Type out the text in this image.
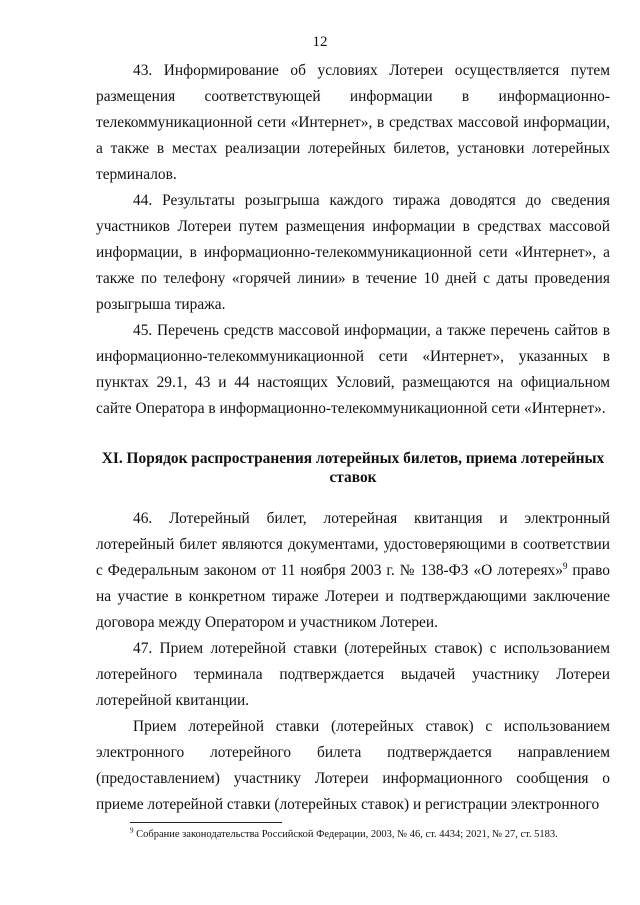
12

43. Информирование об условиях Лотереи осуществляется путем размещения соответствующей информации в информационно-телекоммуникационной сети «Интернет», в средствах массовой информации, а также в местах реализации лотерейных билетов, установки лотерейных терминалов.

44. Результаты розыгрыша каждого тиража доводятся до сведения участников Лотереи путем размещения информации в средствах массовой информации, в информационно-телекоммуникационной сети «Интернет», а также по телефону «горячей линии» в течение 10 дней с даты проведения розыгрыша тиража.

45. Перечень средств массовой информации, а также перечень сайтов в информационно-телекоммуникационной сети «Интернет», указанных в пунктах 29.1, 43 и 44 настоящих Условий, размещаются на официальном сайте Оператора в информационно-телекоммуникационной сети «Интернет».

XI. Порядок распространения лотерейных билетов, приема лотерейных ставок

46. Лотерейный билет, лотерейная квитанция и электронный лотерейный билет являются документами, удостоверяющими в соответствии с Федеральным законом от 11 ноября 2003 г. № 138-ФЗ «О лотереях»$^9$ право на участие в конкретном тираже Лотереи и подтверждающими заключение договора между Оператором и участником Лотереи.

47. Прием лотерейной ставки (лотерейных ставок) с использованием лотерейного терминала подтверждается выдачей участнику Лотереи лотерейной квитанции.

Прием лотерейной ставки (лотерейных ставок) с использованием электронного лотерейного билета подтверждается направлением (предоставлением) участнику Лотереи информационного сообщения о приеме лотерейной ставки (лотерейных ставок) и регистрации электронного

$^9$ Собрание законодательства Российской Федерации, 2003, № 46, ст. 4434; 2021, № 27, ст. 5183.
